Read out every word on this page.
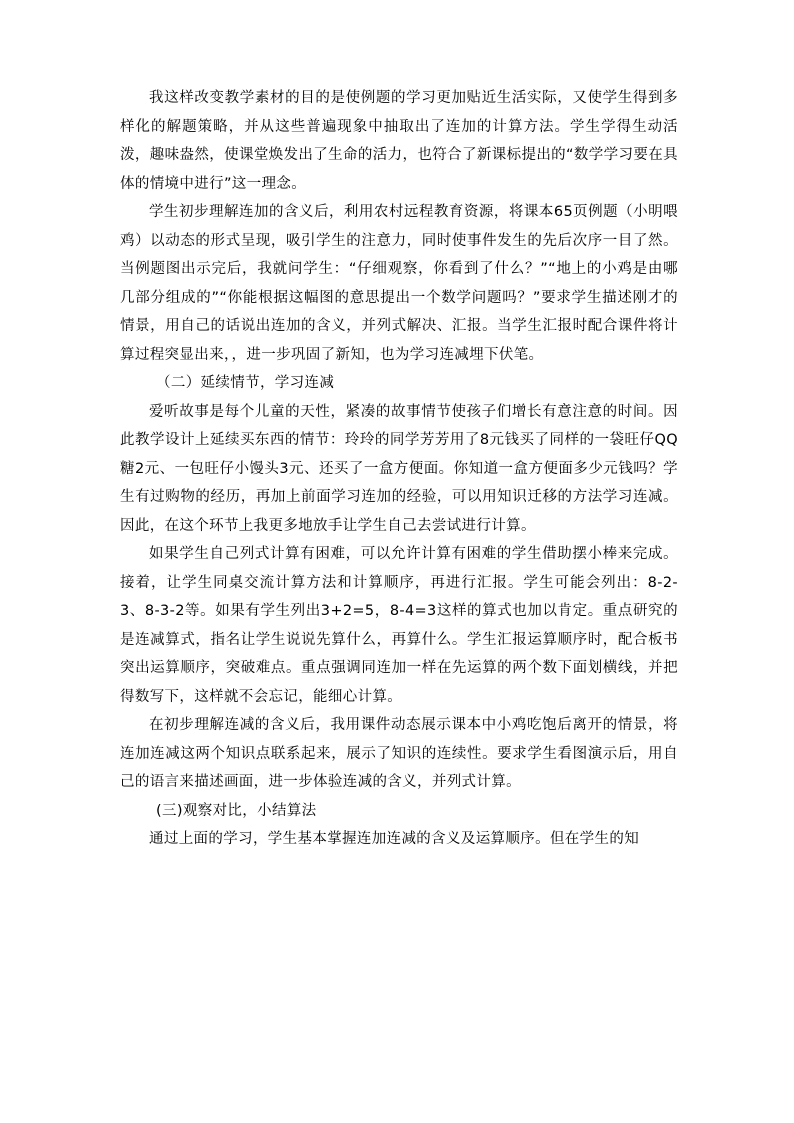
我这样改变教学素材的目的是使例题的学习更加贴近生活实际，又使学生得到多样化的解题策略，并从这些普遍现象中抽取出了连加的计算方法。学生学得生动活泼，趣味盎然，使课堂焕发出了生命的活力，也符合了新课标提出的“数学学习要在具体的情境中进行”这一理念。

学生初步理解连加的含义后，利用农村远程教育资源，将课本65页例题（小明喂鸡）以动态的形式呈现，吸引学生的注意力，同时使事件发生的先后次序一目了然。当例题图出示完后，我就问学生：“仔细观察，你看到了什么？”“地上的小鸡是由哪几部分组成的”“你能根据这幅图的意思提出一个数学问题吗？”要求学生描述刚才的情景，用自己的话说出连加的含义，并列式解决、汇报。当学生汇报时配合课件将计算过程突显出来，，进一步巩固了新知，也为学习连减埋下伏笔。

（二）延续情节，学习连减

爱听故事是每个儿童的天性，紧凑的故事情节使孩子们增长有意注意的时间。因此教学设计上延续买东西的情节：玲玲的同学芳芳用了8元钱买了同样的一袋旺仔QQ糖2元、一包旺仔小馒头3元、还买了一盒方便面。你知道一盒方便面多少元钱吗？学生有过购物的经历，再加上前面学习连加的经验，可以用知识迁移的方法学习连减。因此，在这个环节上我更多地放手让学生自己去尝试进行计算。

如果学生自己列式计算有困难，可以允许计算有困难的学生借助摆小棒来完成。接着，让学生同桌交流计算方法和计算顺序，再进行汇报。学生可能会列出：8-2-3、8-3-2等。如果有学生列出3+2=5，8-4=3这样的算式也加以肯定。重点研究的是连减算式，指名让学生说说先算什么，再算什么。学生汇报运算顺序时，配合板书突出运算顺序，突破难点。重点强调同连加一样在先运算的两个数下面划横线，并把得数写下，这样就不会忘记，能细心计算。

在初步理解连减的含义后，我用课件动态展示课本中小鸡吃饱后离开的情景，将连加连减这两个知识点联系起来，展示了知识的连续性。要求学生看图演示后，用自己的语言来描述画面，进一步体验连减的含义，并列式计算。

(三)观察对比，小结算法

通过上面的学习，学生基本掌握连加连减的含义及运算顺序。但在学生的知
